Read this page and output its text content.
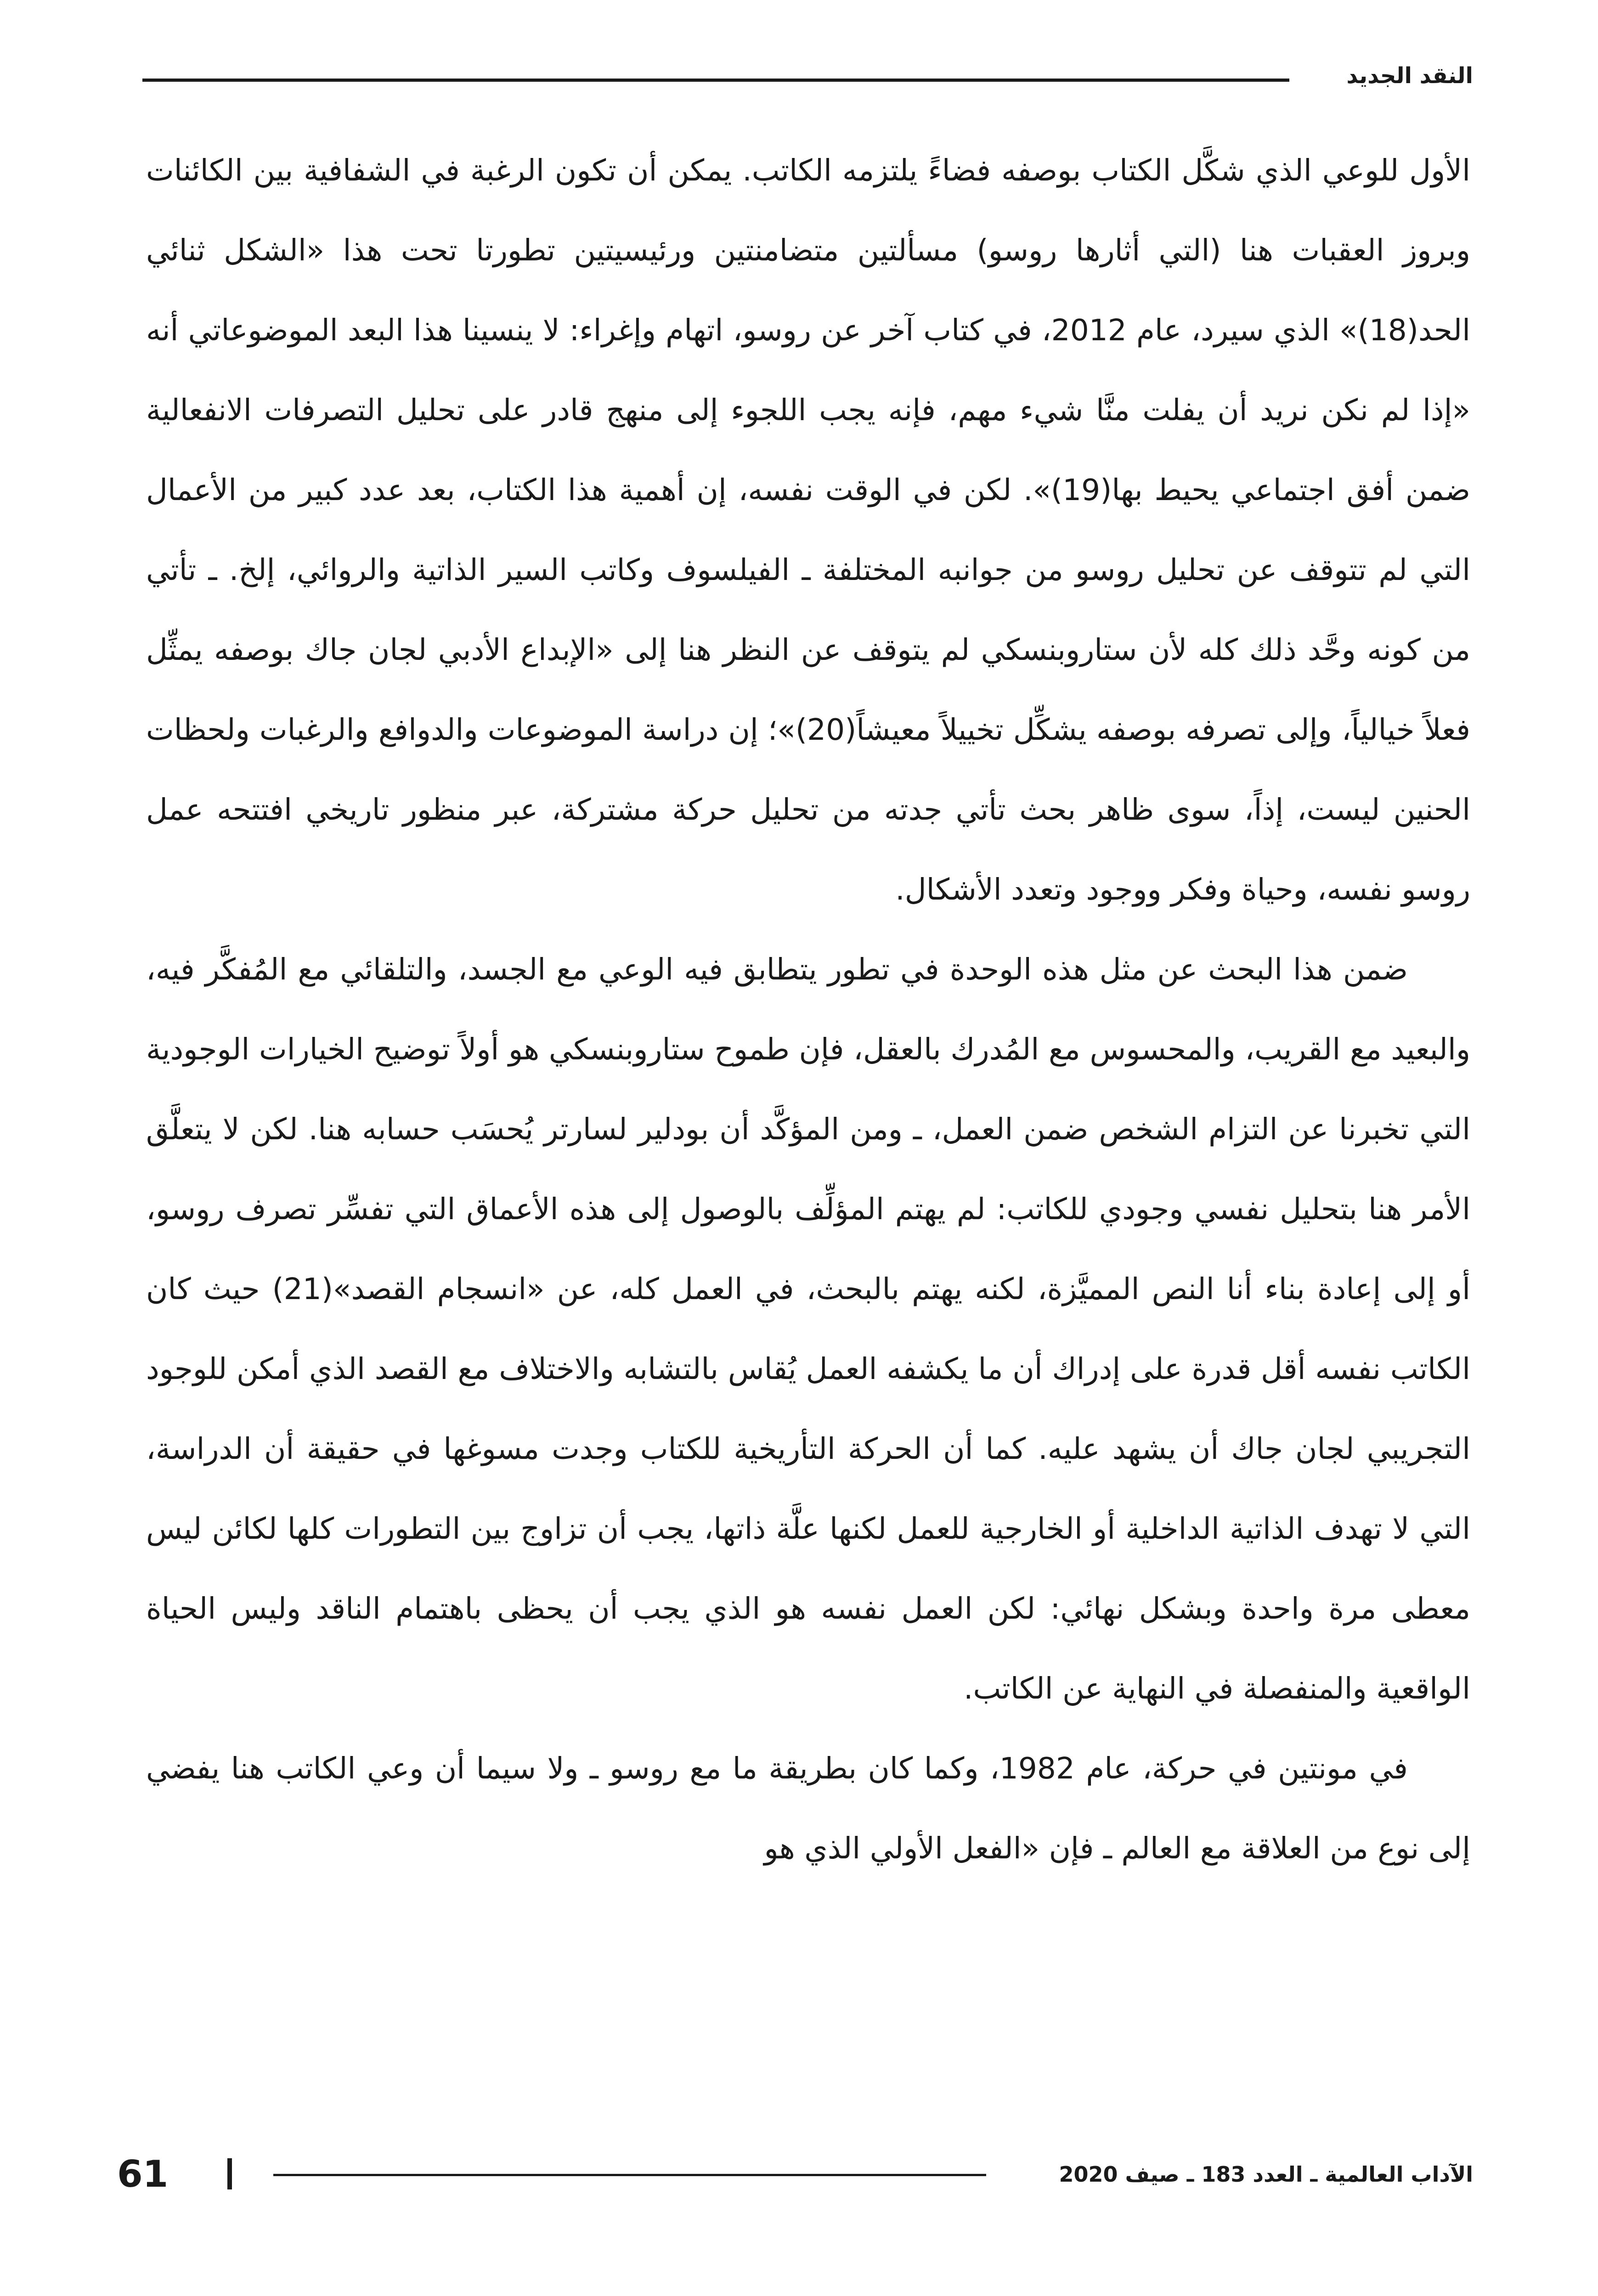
النقد الجديد

الأول للوعي الذي شكَّل الكتاب بوصفه فضاءً يلتزمه الكاتب. يمكن أن تكون الرغبة في الشفافية بين الكائنات وبروز العقبات هنا (التي أثارها روسو) مسألتين متضامنتين ورئيسيتين تطورتا تحت هذا «الشكل ثنائي الحد(18)» الذي سيرد، عام 2012، في كتاب آخر عن روسو، اتهام وإغراء: لا ينسينا هذا البعد الموضوعاتي أنه «إذا لم نكن نريد أن يفلت منَّا شيء مهم، فإنه يجب اللجوء إلى منهج قادر على تحليل التصرفات الانفعالية ضمن أفق اجتماعي يحيط بها(19)». لكن في الوقت نفسه، إن أهمية هذا الكتاب، بعد عدد كبير من الأعمال التي لم تتوقف عن تحليل روسو من جوانبه المختلفة ـ الفيلسوف وكاتب السير الذاتية والروائي، إلخ. ـ تأتي من كونه وحَّد ذلك كله لأن ستاروبنسكي لم يتوقف عن النظر هنا إلى «الإبداع الأدبي لجان جاك بوصفه يمثِّل فعلاً خيالياً، وإلى تصرفه بوصفه يشكِّل تخييلاً معيشاً(20)»؛ إن دراسة الموضوعات والدوافع والرغبات ولحظات الحنين ليست، إذاً، سوى ظاهر بحث تأتي جدته من تحليل حركة مشتركة، عبر منظور تاريخي افتتحه عمل روسو نفسه، وحياة وفكر ووجود وتعدد الأشكال.

ضمن هذا البحث عن مثل هذه الوحدة في تطور يتطابق فيه الوعي مع الجسد، والتلقائي مع المُفكَّر فيه، والبعيد مع القريب، والمحسوس مع المُدرك بالعقل، فإن طموح ستاروبنسكي هو أولاً توضيح الخيارات الوجودية التي تخبرنا عن التزام الشخص ضمن العمل، ـ ومن المؤكَّد أن بودلير لسارتر يُحسَب حسابه هنا. لكن لا يتعلَّق الأمر هنا بتحليل نفسي وجودي للكاتب: لم يهتم المؤلِّف بالوصول إلى هذه الأعماق التي تفسِّر تصرف روسو، أو إلى إعادة بناء أنا النص المميَّزة، لكنه يهتم بالبحث، في العمل كله، عن «انسجام القصد»(21) حيث كان الكاتب نفسه أقل قدرة على إدراك أن ما يكشفه العمل يُقاس بالتشابه والاختلاف مع القصد الذي أمكن للوجود التجريبي لجان جاك أن يشهد عليه. كما أن الحركة التأريخية للكتاب وجدت مسوغها في حقيقة أن الدراسة، التي لا تهدف الذاتية الداخلية أو الخارجية للعمل لكنها علَّة ذاتها، يجب أن تزاوج بين التطورات كلها لكائن ليس معطى مرة واحدة وبشكل نهائي: لكن العمل نفسه هو الذي يجب أن يحظى باهتمام الناقد وليس الحياة الواقعية والمنفصلة في النهاية عن الكاتب.

في مونتين في حركة، عام 1982، وكما كان بطريقة ما مع روسو ـ ولا سيما أن وعي الكاتب هنا يفضي إلى نوع من العلاقة مع العالم ـ فإن «الفعل الأولي الذي هو

61	الآداب العالمية ـ العدد 183 ـ صيف 2020
